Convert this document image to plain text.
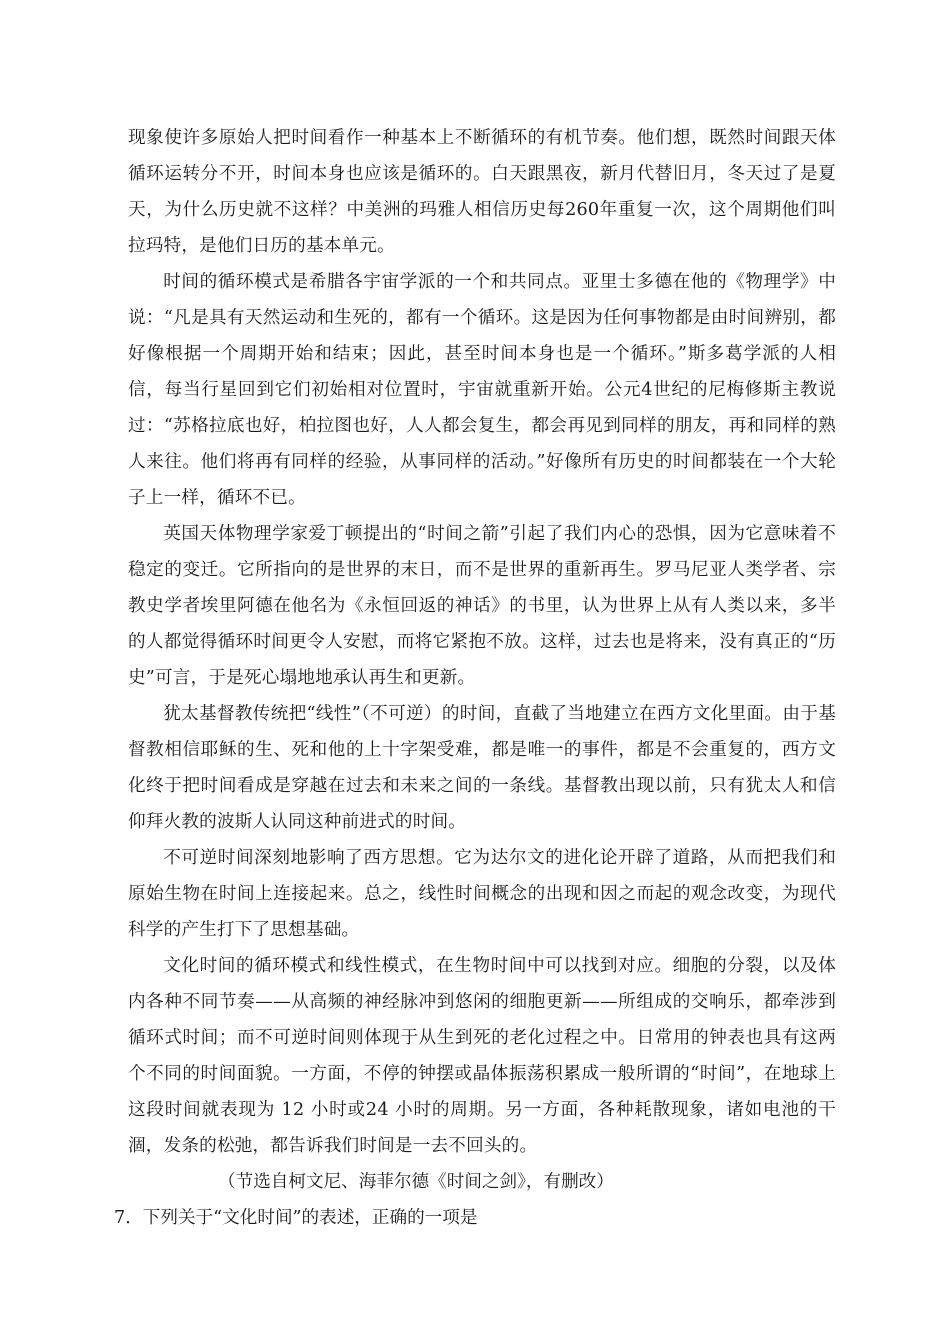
现象使许多原始人把时间看作一种基本上不断循环的有机节奏。他们想，既然时间跟天体循环运转分不开，时间本身也应该是循环的。白天跟黑夜，新月代替旧月，冬天过了是夏天，为什么历史就不这样？中美洲的玛雅人相信历史每260年重复一次，这个周期他们叫拉玛特，是他们日历的基本单元。

时间的循环模式是希腊各宇宙学派的一个和共同点。亚里士多德在他的《物理学》中说：“凡是具有天然运动和生死的，都有一个循环。这是因为任何事物都是由时间辨别，都好像根据一个周期开始和结束；因此，甚至时间本身也是一个循环。”斯多葛学派的人相信，每当行星回到它们初始相对位置时，宇宙就重新开始。公元4世纪的尼梅修斯主教说过：“苏格拉底也好，柏拉图也好，人人都会复生，都会再见到同样的朋友，再和同样的熟人来往。他们将再有同样的经验，从事同样的活动。”好像所有历史的时间都装在一个大轮子上一样，循环不已。

英国天体物理学家爱丁顿提出的“时间之箭”引起了我们内心的恐惧，因为它意味着不稳定的变迁。它所指向的是世界的末日，而不是世界的重新再生。罗马尼亚人类学者、宗教史学者埃里阿德在他名为《永恒回返的神话》的书里，认为世界上从有人类以来，多半的人都觉得循环时间更令人安慰，而将它紧抱不放。这样，过去也是将来，没有真正的“历史”可言，于是死心塌地地承认再生和更新。

犹太基督教传统把“线性”（不可逆）的时间，直截了当地建立在西方文化里面。由于基督教相信耶稣的生、死和他的上十字架受难，都是唯一的事件，都是不会重复的，西方文化终于把时间看成是穿越在过去和未来之间的一条线。基督教出现以前，只有犹太人和信仰拜火教的波斯人认同这种前进式的时间。

不可逆时间深刻地影响了西方思想。它为达尔文的进化论开辟了道路，从而把我们和原始生物在时间上连接起来。总之，线性时间概念的出现和因之而起的观念改变，为现代科学的产生打下了思想基础。

文化时间的循环模式和线性模式，在生物时间中可以找到对应。细胞的分裂，以及体内各种不同节奏——从高频的神经脉冲到悠闲的细胞更新——所组成的交响乐，都牵涉到循环式时间；而不可逆时间则体现于从生到死的老化过程之中。日常用的钟表也具有这两个不同的时间面貌。一方面，不停的钟摆或晶体振荡积累成一般所谓的“时间”，在地球上这段时间就表现为 12 小时或24 小时的周期。另一方面，各种耗散现象，诸如电池的干涸，发条的松弛，都告诉我们时间是一去不回头的。

（节选自柯文尼、海菲尔德《时间之剑》，有删改）

7．下列关于“文化时间”的表述，正确的一项是
